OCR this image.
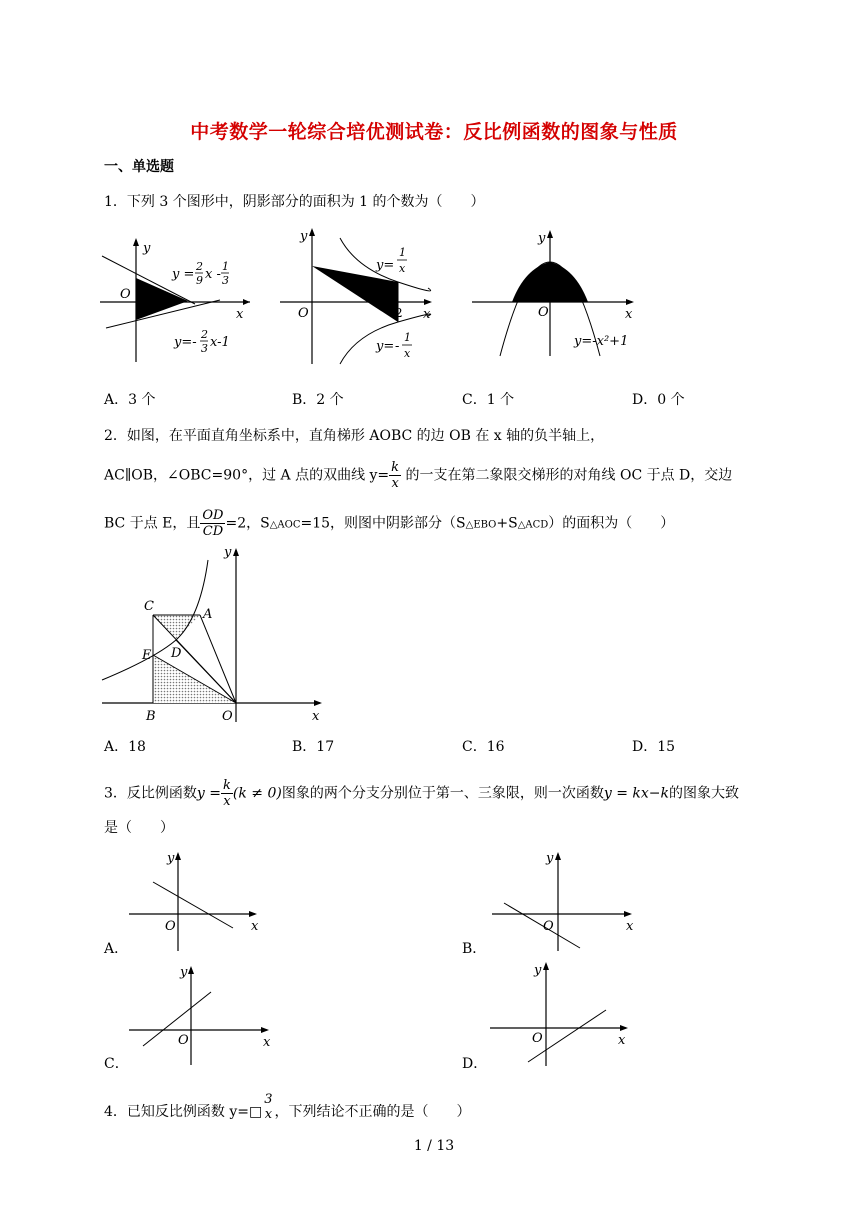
中考数学一轮综合培优测试卷：反比例函数的图象与性质
一、单选题
1．下列 3 个图形中，阴影部分的面积为 1 的个数为（　　）
y
O
x
y =
2
9 x -
1
3
y=-
2
3 x-1
y
O	x
2
y=
1
x
y= -
1
x
y
O	x
y=-x²+1
A．3 个	B．2 个	C．1 个	D．0 个
2．如图，在平面直角坐标系中，直角梯形 AOBC 的边 OB 在 x 轴的负半轴上，
AC∥OB，∠OBC=90°，过 A 点的双曲线 $y= \frac{k}{x}$ 的一支在第二象限交梯形的对角线 OC 于点 D，交边
BC 于点 E，且 $\frac{OD}{CD} =2$，S△AOC=15，则图中阴影部分（S△EBO+S△ACD）的面积为（　　）
C
A
E D
B	O	x
y
A．18	B．17	C．16	D．15
3．反比例函数$y = \frac{k}{x} (k \ne 0)$图象的两个分支分别位于第一、三象限，则一次函数y = kx−k的图象大致
是（　　）
A．
y
O	x
B．
y
O	x
C．
y
O	x
D．
y
O	x
4．已知反比例函数 y=□
3
x ，下列结论不正确的是（　　）
1 / 13
